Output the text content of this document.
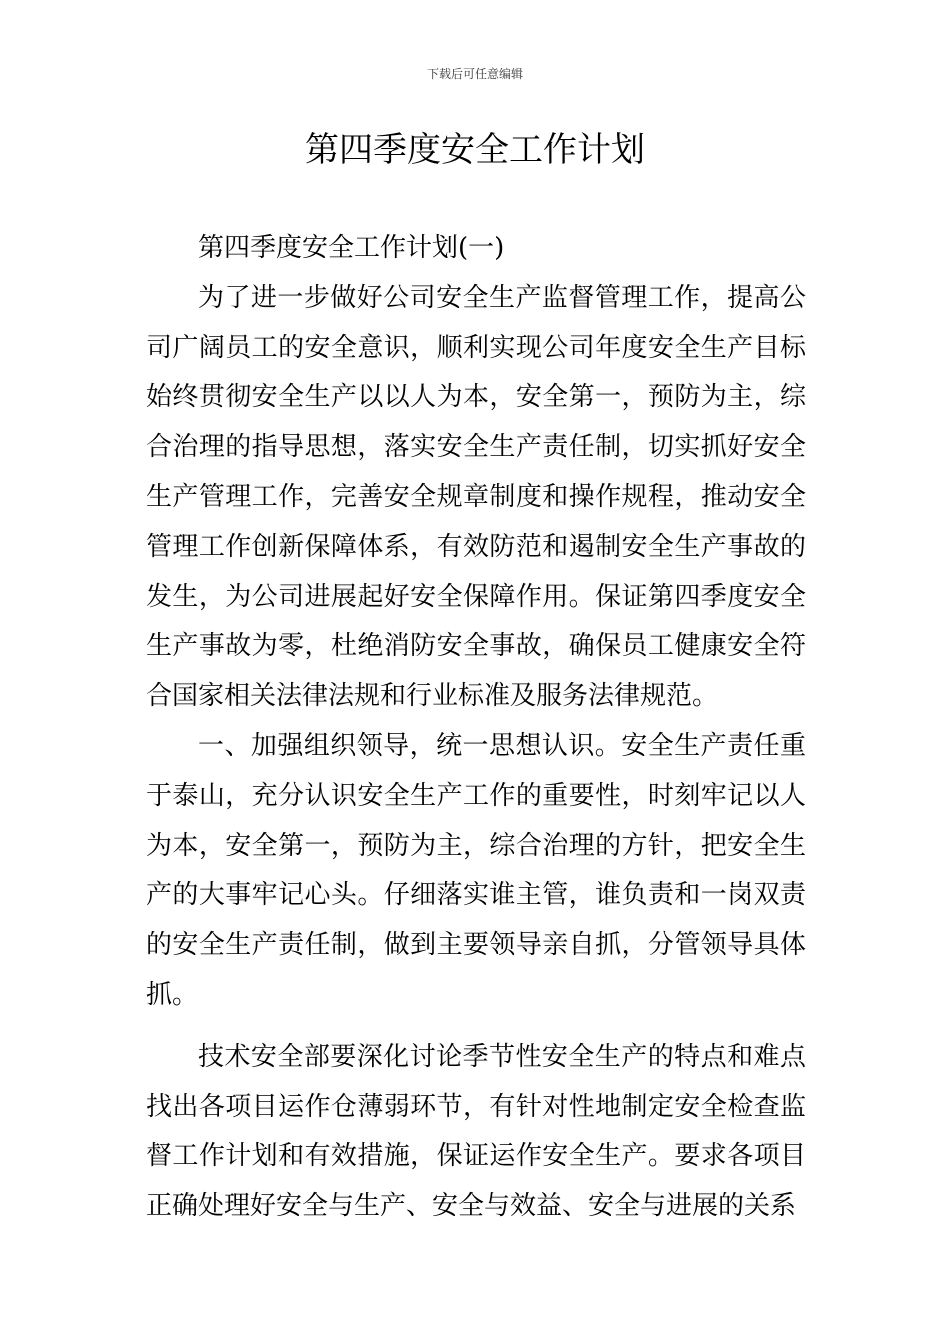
下载后可任意编辑
第四季度安全工作计划

第四季度安全工作计划(一)

为了进一步做好公司安全生产监督管理工作，提高公司广阔员工的安全意识，顺利实现公司年度安全生产目标始终贯彻安全生产以以人为本，安全第一，预防为主，综合治理的指导思想，落实安全生产责任制，切实抓好安全生产管理工作，完善安全规章制度和操作规程，推动安全管理工作创新保障体系，有效防范和遏制安全生产事故的发生，为公司进展起好安全保障作用。保证第四季度安全生产事故为零，杜绝消防安全事故，确保员工健康安全符合国家相关法律法规和行业标准及服务法律规范。

一、加强组织领导，统一思想认识。安全生产责任重于泰山，充分认识安全生产工作的重要性，时刻牢记以人为本，安全第一，预防为主，综合治理的方针，把安全生产的大事牢记心头。仔细落实谁主管，谁负责和一岗双责的安全生产责任制，做到主要领导亲自抓，分管领导具体抓。

技术安全部要深化讨论季节性安全生产的特点和难点找出各项目运作仓薄弱环节，有针对性地制定安全检查监督工作计划和有效措施，保证运作安全生产。要求各项目正确处理好安全与生产、安全与效益、安全与进展的关系
